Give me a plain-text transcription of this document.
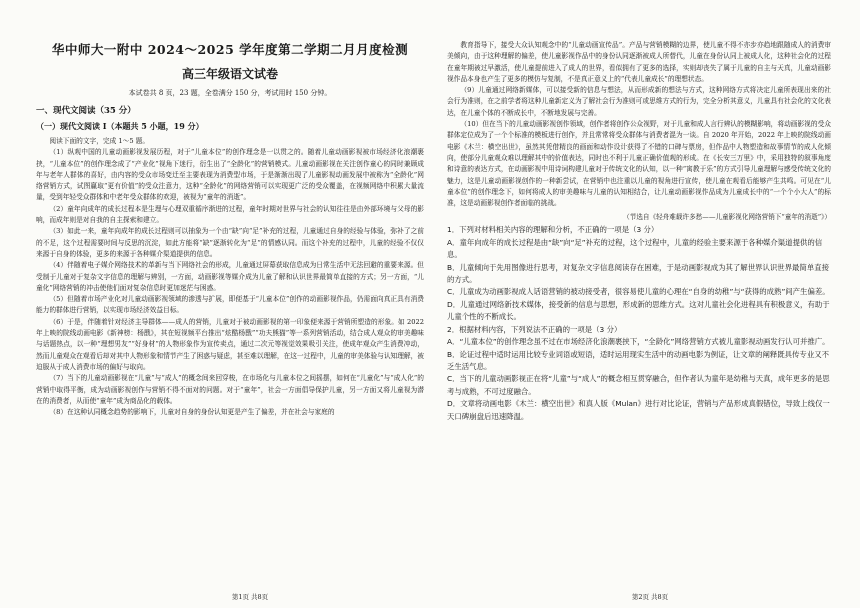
华中师大一附中 2024～2025 学年度第二学期二月月度检测
高三年级语文试卷
本试卷共 8 页，23 题，全卷满分 150 分，考试用时 150 分钟。
一、现代文阅读（35 分）
（一）现代文阅读 Ⅰ（本题共 5 小题，19 分）

阅读下面的文字，完成 1～5 题。

（1）纵观中国的儿童动画影视发展历程，对于“儿童本位”的创作理念是一以贯之的。随着儿童动画影视被市场经济化浪潮裹挟，“儿童本位”的创作理念成了“产业化”视角下迷行，衍生出了“全龄化”的营销模式。儿童动画影视在关注创作童心的同时兼顾成年与老年人群体的喜好，由内容的受众市场变迁至主要表现为消费型市场，于是渐渐出现了儿童影视动画发展中被称为“全龄化”网络营销方式，试图赢取“更有价值”的受众注意力，这种“全龄化”的网络营销可以实现更广泛的受众覆盖，在视频网络中积累大量流量，受到年轻受众群体和中老年受众群体的欢迎，被视为“童年的消逝”。

（2）童年向成年的成长过程本是生理与心理双重循序渐进的过程，童年时期对世界与社会的认知往往是由外部环境与父母的影响，而成年则是对自我的自主探索和建立。

（3）如此一来，童年向成年的成长过程则可以抽象为一个由“缺”向“足”补充的过程，儿童通过自身的经验与体验，弥补了之前的不足，这个过程需要时间与反思的沉淀，如此方能将“缺”逐渐转化为“足”的情感认同。而这个补充的过程中，儿童的经验不仅仅来源于自身的体验，更多的来源于各种媒介渠道提供的信息。

（4）伴随着电子媒介网络技术的革新与当下网络社会的形成，儿童通过屏幕获取信息成为日常生活中无法回避的重要来源。但受制于儿童对于复杂文字信息的理解与辨别，一方面，动画影视等媒介成为儿童了解和认识世界最简单直接的方式；另一方面，“儿童化”网络营销的冲击使他们面对复杂信息时更加迷茫与困惑。

（5）但随着市场产业化对儿童动画影视领域的渗透与扩展，即便基于“儿童本位”创作的动画影视作品，仍需面向真正具有消费能力的群体进行营销，以实现市场经济效益目标。

（6）于是，伴随着针对经济主导群体——成人的营销，儿童对于被动画影视的第一印象便来源于营销所塑造的形象。如 2022 年上映的院线动画电影《新神榜：杨戬》，其在短视频平台推出“炫酷杨戬”“功夫熊猫”等一系列营销活动，结合成人观众的审美趣味与话题热点，以一种“理想男友”“好身材”的人物形象作为宣传卖点，通过二次元等视觉效果吸引关注，使成年观众产生消费冲动，然而儿童观众在观看后却对其中人物形象和情节产生了困惑与疑虑，甚至难以理解，在这一过程中，儿童的审美体验与认知理解，被迫服从于成人消费市场的偏好与取向。

（7）当下的儿童动画影视在“儿童”与“成人”的概念间来回穿梭，在市场化与儿童本位之间摇摆，如何在“儿童化”与“成人化”的营销中取得平衡，成为动画影视创作与营销不得不面对的问题。对于“童年”，社会一方面倡导保护儿童，另一方面又将儿童视为潜在的消费者，从而使“童年”成为商品化的载体。

（8）在这种认同概念趋势的影响下，儿童对自身的身份认知更是产生了偏差，并在社会与家庭的

教育指导下，接受大众认知观念中的“儿童动画宣传品”。产品与营销模糊的边界，使儿童不得不亦步亦趋地跟随成人的消费审美倾向，由于这种理解的偏差，使儿童影视作品中的身份认同逐渐被成人所替代，儿童在身份认同上被成人化，这种社会化的过程在童年期被过早激活，使儿童提前进入了成人的世界，看似拥有了更多的选择，实则却丧失了属于儿童的自主与天真，儿童动画影视作品本身也产生了更多的模仿与复制，不是真正意义上的“代表儿童成长”的理想状态。

（9）儿童通过网络新媒体，可以接受新的信息与想法，从而形成新的想法与方式，这种网络方式将决定儿童所表现出来的社会行为准则，在之前学者将这种儿童新定义为了解社会行为准则可或思维方式的行为，完全分析其意义，儿童具有社会化的文化表达，在儿童个体的不断成长中，不断地发展与完善。

（10）但在当下的儿童动画影视创作领域，创作者将创作公众视野，对于儿童和成人言行辨认的模糊影响，将动画影视的受众群体定位成为了一个个标准的模板进行创作，并且常常将受众群体与消费者混为一谈。自 2020 年开始，2022 年上映的院线动画电影《木兰：横空出世》，虽然其凭借精良的画面和动作设计获得了不错的口碑与票房，但作品中人物塑造和故事情节的成人化倾向，使部分儿童观众难以理解其中的价值表达，同时也不利于儿童正确价值观的形成。在《长安三万里》中，采用独特的叙事角度和诗意的表达方式，在动画影视中用诗词构建儿童对于传统文化的认知，以一种“寓教于乐”的方式引导儿童理解与感受传统文化的魅力，这是儿童动画影视创作的一种新尝试，在营销中也注重以儿童的视角进行宣传，使儿童在观看后能够产生共鸣。可见在“儿童本位”的创作理念下，如何将成人的审美趣味与儿童的认知相结合，让儿童动画影视作品成为儿童成长中的“一个个小大人”的标准，这是动画影视创作者面临的挑战。

（节选自《轻舟难载许多愁——儿童影视化网络营销下“童年的消逝”》）

1．下列对材料相关内容的理解和分析，不正确的一项是（3 分）

A．童年向成年的成长过程是由“缺”向“足”补充的过程，这个过程中，儿童的经验主要来源于各种媒介渠道提供的信息。

B．儿童倾向于先用图像进行思考，对复杂文字信息阅读存在困难，于是动画影视成为其了解世界认识世界最简单直接的方式。

C．儿童成为动画影视成人话语营销的被动接受者，很容易使儿童的心理在“自身的幼稚”与“获得的成熟”间产生偏差。

D．儿童通过网络新技术媒体，接受新的信息与思想，形成新的思维方式。这对儿童社会化进程具有积极意义，有助于儿童个性的不断成长。

2．根据材料内容，下列说法不正确的一项是（3 分）

A．“儿童本位”的创作理念虽不过在市场经济化浪潮裹挟下，“全龄化”网络营销方式被儿童影视动画发行认可并推广。

B．论证过程中适时运用比较专业词语或短语，适时运用现实生活中的动画电影为例证，让文章的阐释既具传专业又不乏生活气息。

C．当下的儿童动画影视正在将“儿童”与“成人”的概念相互贯穿融合，但作者认为童年是幼稚与天真，成年更多的是思考与成熟，不可过度融合。

D．文章将动画电影《木兰：横空出世》和真人版《Mulan》进行对比论证，营销与产品形成真假错位，导致上线仅一天口碑崩盘后迅速降温。

第1页 共8页	第2页 共8页
